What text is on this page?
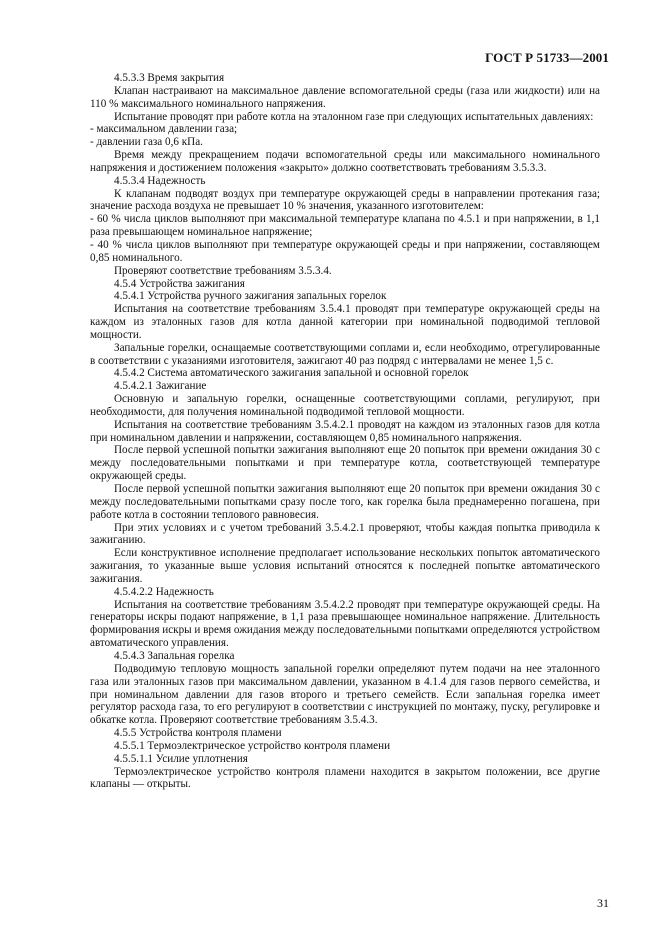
ГОСТ Р 51733—2001

4.5.3.3 Время закрытия

Клапан настраивают на максимальное давление вспомогательной среды (газа или жидкости) или на 110 % максимального номинального напряжения.

Испытание проводят при работе котла на эталонном газе при следующих испытательных давлениях:

- максимальном давлении газа;

- давлении газа 0,6 кПа.

Время между прекращением подачи вспомогательной среды или максимального номинального напряжения и достижением положения «закрыто» должно соответствовать требованиям 3.5.3.3.

4.5.3.4 Надежность

К клапанам подводят воздух при температуре окружающей среды в направлении протекания газа; значение расхода воздуха не превышает 10 % значения, указанного изготовителем:

- 60 % числа циклов выполняют при максимальной температуре клапана по 4.5.1 и при напряжении, в 1,1 раза превышающем номинальное напряжение;

- 40 % числа циклов выполняют при температуре окружающей среды и при напряжении, составляющем 0,85 номинального.

Проверяют соответствие требованиям 3.5.3.4.

4.5.4 Устройства зажигания

4.5.4.1 Устройства ручного зажигания запальных горелок

Испытания на соответствие требованиям 3.5.4.1 проводят при температуре окружающей среды на каждом из эталонных газов для котла данной категории при номинальной подводимой тепловой мощности.

Запальные горелки, оснащаемые соответствующими соплами и, если необходимо, отрегулированные в соответствии с указаниями изготовителя, зажигают 40 раз подряд с интервалами не менее 1,5 с.

4.5.4.2 Система автоматического зажигания запальной и основной горелок

4.5.4.2.1 Зажигание

Основную и запальную горелки, оснащенные соответствующими соплами, регулируют, при необходимости, для получения номинальной подводимой тепловой мощности.

Испытания на соответствие требованиям 3.5.4.2.1 проводят на каждом из эталонных газов для котла при номинальном давлении и напряжении, составляющем 0,85 номинального напряжения.

После первой успешной попытки зажигания выполняют еще 20 попыток при времени ожидания 30 с между последовательными попытками и при температуре котла, соответствующей температуре окружающей среды.

После первой успешной попытки зажигания выполняют еще 20 попыток при времени ожидания 30 с между последовательными попытками сразу после того, как горелка была преднамеренно погашена, при работе котла в состоянии теплового равновесия.

При этих условиях и с учетом требований 3.5.4.2.1 проверяют, чтобы каждая попытка приводила к зажиганию.

Если конструктивное исполнение предполагает использование нескольких попыток автоматического зажигания, то указанные выше условия испытаний относятся к последней попытке автоматического зажигания.

4.5.4.2.2 Надежность

Испытания на соответствие требованиям 3.5.4.2.2 проводят при температуре окружающей среды. На генераторы искры подают напряжение, в 1,1 раза превышающее номинальное напряжение. Длительность формирования искры и время ожидания между последовательными попытками определяются устройством автоматического управления.

4.5.4.3 Запальная горелка

Подводимую тепловую мощность запальной горелки определяют путем подачи на нее эталонного газа или эталонных газов при максимальном давлении, указанном в 4.1.4 для газов первого семейства, и при номинальном давлении для газов второго и третьего семейств. Если запальная горелка имеет регулятор расхода газа, то его регулируют в соответствии с инструкцией по монтажу, пуску, регулировке и обкатке котла. Проверяют соответствие требованиям 3.5.4.3.

4.5.5 Устройства контроля пламени

4.5.5.1 Термоэлектрическое устройство контроля пламени

4.5.5.1.1 Усилие уплотнения

Термоэлектрическое устройство контроля пламени находится в закрытом положении, все другие клапаны — открыты.

31
